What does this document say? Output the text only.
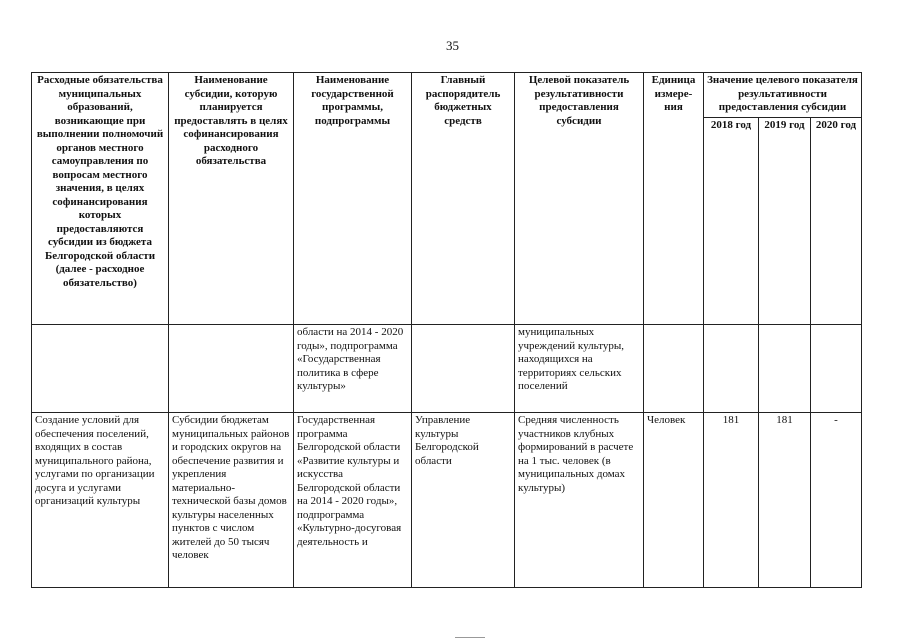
35
Расходные обязательства муниципальных образований, возникающие при выполнении полномочий органов местного самоуправления по вопросам местного значения, в целях софинансирования которых предоставляются субсидии из бюджета Белгородской области (далее - расходное обязательство)	Наименование субсидии, которую планируется предоставлять в целях софинансирования расходного обязательства	Наименование государственной программы, подпрограммы	Главный распорядитель бюджетных средств	Целевой показатель результативности предоставления субсидии	Единица измере-ния	Значение целевого показателя результативности предоставления субсидии		
						2018 год	2019 год	2020 год
		области на 2014 - 2020 годы», подпрограмма «Государственная политика в сфере культуры»		муниципальных учреждений культуры, находящихся на территориях сельских поселений				
Создание условий для обеспечения поселений, входящих в состав муниципального района, услугами по организации досуга и услугами организаций культуры	Субсидии бюджетам муниципальных районов и городских округов на обеспечение развития и укрепления материально-технической базы домов культуры населенных пунктов с числом жителей до 50 тысяч человек	Государственная программа Белгородской области «Развитие культуры и искусства Белгородской области на 2014 - 2020 годы», подпрограмма «Культурно-досуговая деятельность и	Управление культуры Белгородской области	Средняя численность участников клубных формирований в расчете на 1 тыс. человек (в муниципальных домах культуры)	Человек	181	181	-
